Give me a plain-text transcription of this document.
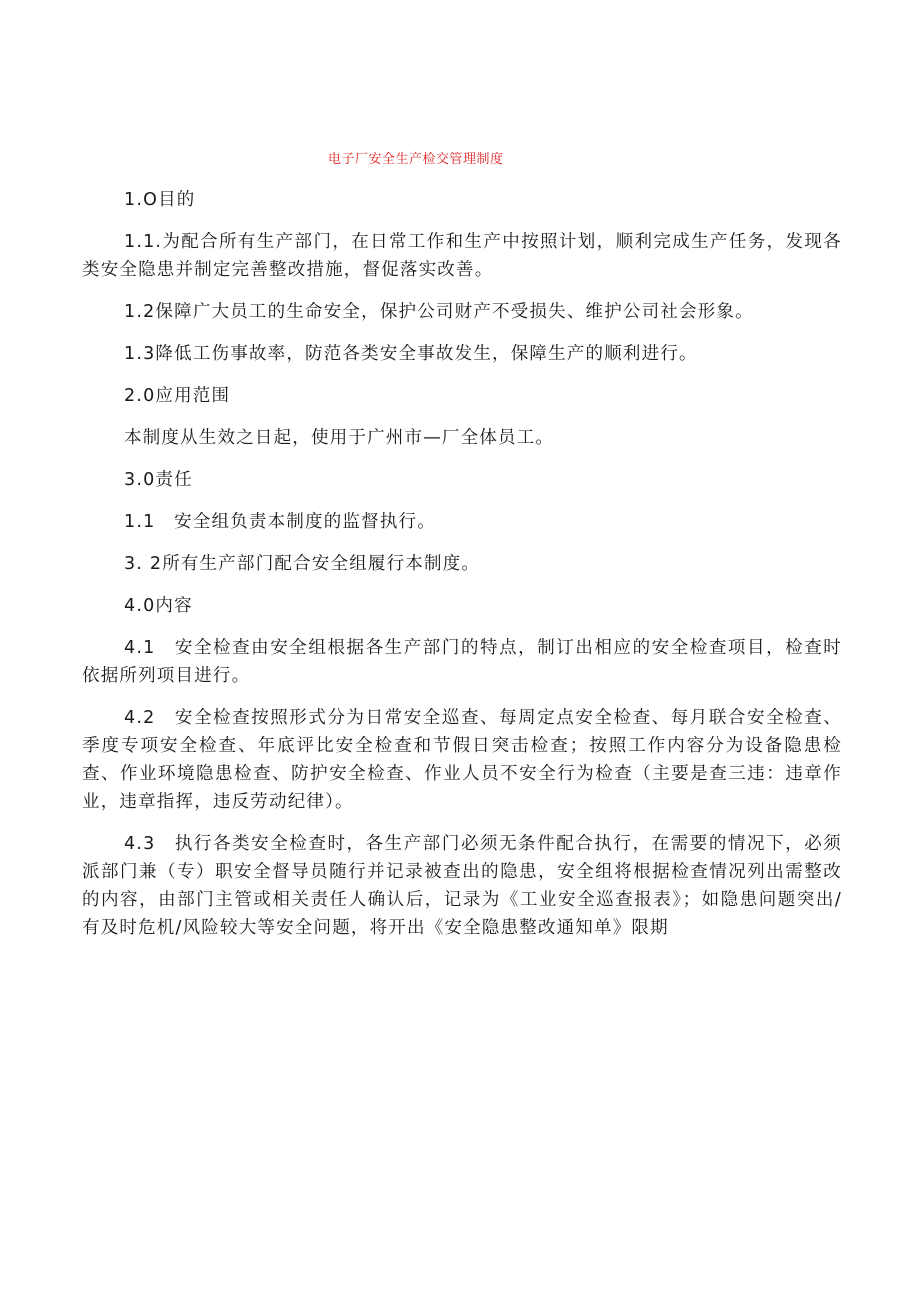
电子厂安全生产检交管理制度

1.O目的

1.1.为配合所有生产部门，在日常工作和生产中按照计划，顺利完成生产任务，发现各类安全隐患并制定完善整改措施，督促落实改善。

1.2保障广大员工的生命安全，保护公司财产不受损失、维护公司社会形象。

1.3降低工伤事故率，防范各类安全事故发生，保障生产的顺利进行。

2.0应用范围

本制度从生效之日起，使用于广州市—厂全体员工。

3.0责任

1.1　安全组负责本制度的监督执行。

3. 2所有生产部门配合安全组履行本制度。

4.0内容

4.1　安全检查由安全组根据各生产部门的特点，制订出相应的安全检查项目，检查时依据所列项目进行。

4.2　安全检查按照形式分为日常安全巡查、每周定点安全检查、每月联合安全检查、季度专项安全检查、年底评比安全检查和节假日突击检查；按照工作内容分为设备隐患检查、作业环境隐患检查、防护安全检查、作业人员不安全行为检查（主要是查三违：违章作业，违章指挥，违反劳动纪律）。

4.3　执行各类安全检查时，各生产部门必须无条件配合执行，在需要的情况下，必须派部门兼（专）职安全督导员随行并记录被查出的隐患，安全组将根据检查情况列出需整改的内容，由部门主管或相关责任人确认后，记录为《工业安全巡查报表》；如隐患问题突出/有及时危机/风险较大等安全问题，将开出《安全隐患整改通知单》限期
